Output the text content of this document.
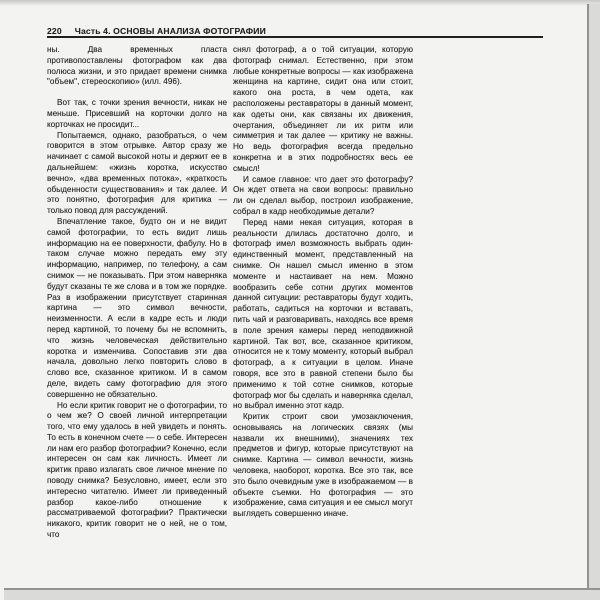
220 Часть 4. ОСНОВЫ АНАЛИЗА ФОТОГРАФИИ

ны. Два временных пласта противопоставлены фотографом как два полюса жизни, и это придает времени снимка "объем", стереоскопию» (илл. 496).

Вот так, с точки зрения вечности, никак не меньше. Присевший на корточки долго на корточках не просидит...

Попытаемся, однако, разобраться, о чем говорится в этом отрывке. Автор сразу же начинает с самой высокой ноты и держит ее в дальнейшем: «жизнь коротка, искусство вечно», «два временных потока», «краткость обыденности существования» и так далее. И это понятно, фотография для критика — только повод для рассуждений.

Впечатление такое, будто он и не видит самой фотографии, то есть видит лишь информацию на ее поверхности, фабулу. Но в таком случае можно передать ему эту информацию, например, по телефону, а сам снимок — не показывать. При этом наверняка будут сказаны те же слова и в том же порядке. Раз в изображении присутствует старинная картина — это символ вечности, неизменности. А если в кадре есть и люди перед картиной, то почему бы не вспомнить, что жизнь человеческая действительно коротка и изменчива. Сопоставив эти два начала, довольно легко повторить слово в слово все, сказанное критиком. И в самом деле, видеть саму фотографию для этого совершенно не обязательно.

Но если критик говорит не о фотографии, то о чем же? О своей личной интерпретации того, что ему удалось в ней увидеть и понять. То есть в конечном счете — о себе. Интересен ли нам его разбор фотографии? Конечно, если интересен он сам как личность. Имеет ли критик право излагать свое личное мнение по поводу снимка? Безусловно, имеет, если это интересно читателю. Имеет ли приведенный разбор какое-либо отношение к рассматриваемой фотографии? Практически никакого, критик говорит не о ней, не о том, что

снял фотограф, а о той ситуации, которую фотограф снимал. Естественно, при этом любые конкретные вопросы — как изображена женщина на картине, сидит она или стоит, какого она роста, в чем одета, как расположены реставраторы в данный момент, как одеты они, как связаны их движения, очертания, объединяет ли их ритм или симметрия и так далее — критику не важны. Но ведь фотография всегда предельно конкретна и в этих подробностях весь ее смысл!

И самое главное: что дает это фотографу? Он ждет ответа на свои вопросы: правильно ли он сделал выбор, построил изображение, собрал в кадр необходимые детали?

Перед нами некая ситуация, которая в реальности длилась достаточно долго, и фотограф имел возможность выбрать один-единственный момент, представленный на снимке. Он нашел смысл именно в этом моменте и настаивает на нем. Можно вообразить себе сотни других моментов данной ситуации: реставраторы будут ходить, работать, садиться на корточки и вставать, пить чай и разговаривать, находясь все время в поле зрения камеры перед неподвижной картиной. Так вот, все, сказанное критиком, относится не к тому моменту, который выбрал фотограф, а к ситуации в целом. Иначе говоря, все это в равной степени было бы применимо к той сотне снимков, которые фотограф мог бы сделать и наверняка сделал, но выбрал именно этот кадр.

Критик строит свои умозаключения, основываясь на логических связях (мы назвали их внешними), значениях тех предметов и фигур, которые присутствуют на снимке. Картина — символ вечности, жизнь человека, наоборот, коротка. Все это так, все это было очевидным уже в изображаемом — в объекте съемки. Но фотография — это изображение, сама ситуация и ее смысл могут выглядеть совершенно иначе.
